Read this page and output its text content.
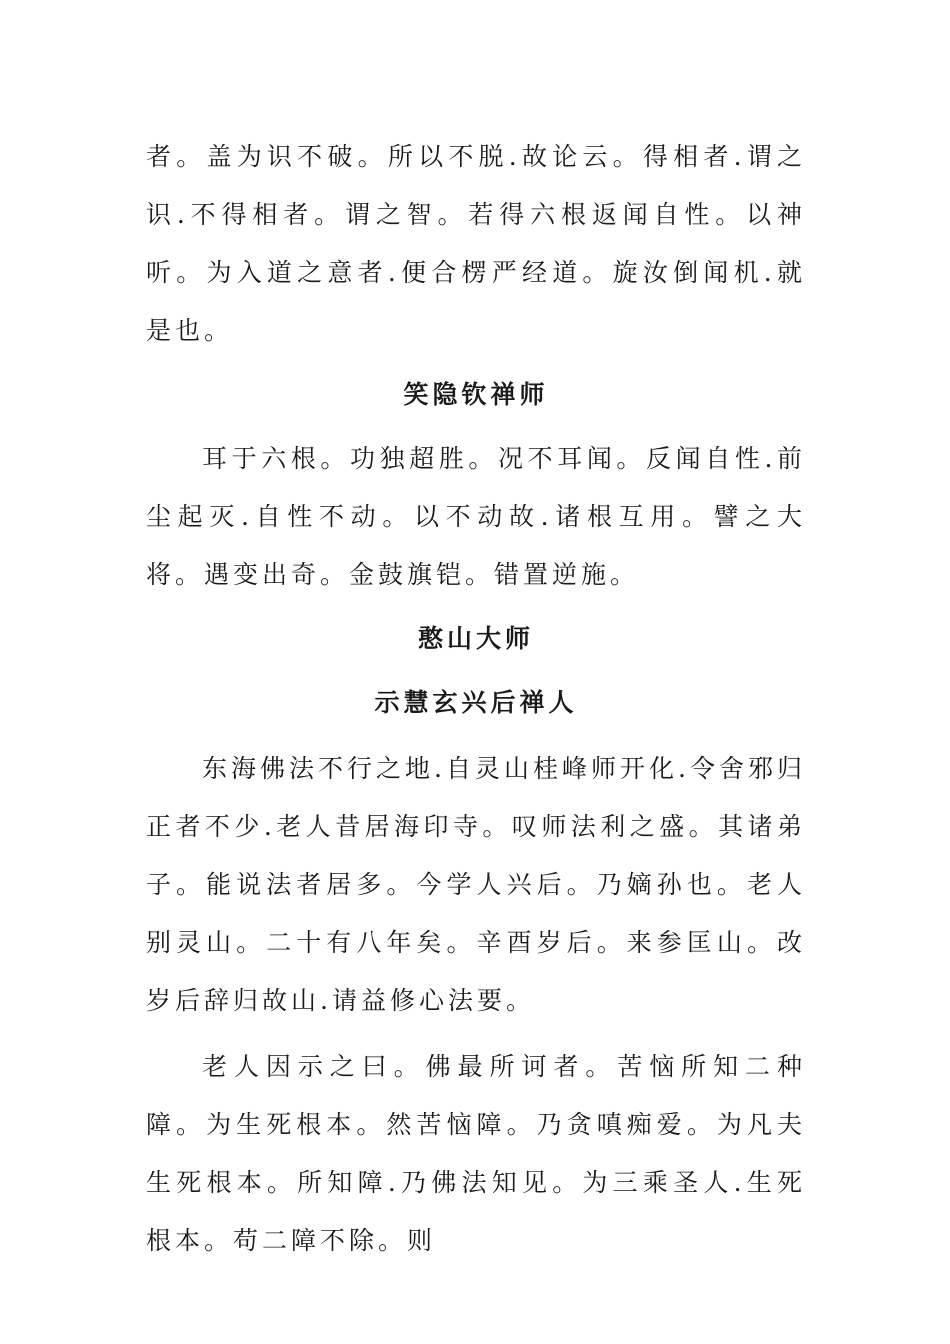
者。盖为识不破。所以不脱.故论云。得相者.谓之识.不得相者。谓之智。若得六根返闻自性。以神听。为入道之意者.便合楞严经道。旋汝倒闻机.就是也。

笑隐钦禅师

耳于六根。功独超胜。况不耳闻。反闻自性.前尘起灭.自性不动。以不动故.诸根互用。譬之大将。遇变出奇。金鼓旗铠。错置逆施。

憨山大师
示慧玄兴后禅人

东海佛法不行之地.自灵山桂峰师开化.令舍邪归正者不少.老人昔居海印寺。叹师法利之盛。其诸弟子。能说法者居多。今学人兴后。乃嫡孙也。老人别灵山。二十有八年矣。辛酉岁后。来参匡山。改岁后辞归故山.请益修心法要。

老人因示之曰。佛最所诃者。苦恼所知二种障。为生死根本。然苦恼障。乃贪嗔痴爱。为凡夫生死根本。所知障.乃佛法知见。为三乘圣人.生死根本。苟二障不除。则
